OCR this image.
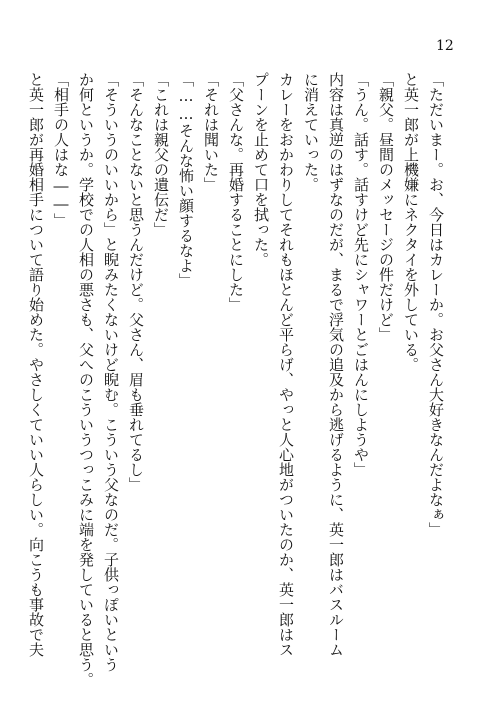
12
「ただいまー。お、今日はカレーか。お父さん大好きなんだよなぁ」
と英一郎が上機嫌にネクタイを外している。
「親父。昼間のメッセージの件だけど」
「うん。話す。話すけど先にシャワーとごはんにしようや」
内容は真逆のはずなのだが、まるで浮気の追及から逃げるように、英一郎はバスルーム
に消えていった。
カレーをおかわりしてそれもほとんど平らげ、やっと人心地がついたのか、英一郎はス
プーンを止めて口を拭った。
「父さんな。再婚することにした」
「それは聞いた」
「……そんな怖い顔するなよ」
「これは親父の遺伝だ」
「そんなことないと思うんだけど。父さん、眉も垂れてるし」
「そういうのいいから」と睨みたくないけど睨む。こういう父なのだ。子供っぽいという
か何というか。学校での人相の悪さも、父へのこういうつっこみに端を発していると思う。
「相手の人はな――」
と英一郎が再婚相手について語り始めた。やさしくていい人らしい。向こうも事故で夫
